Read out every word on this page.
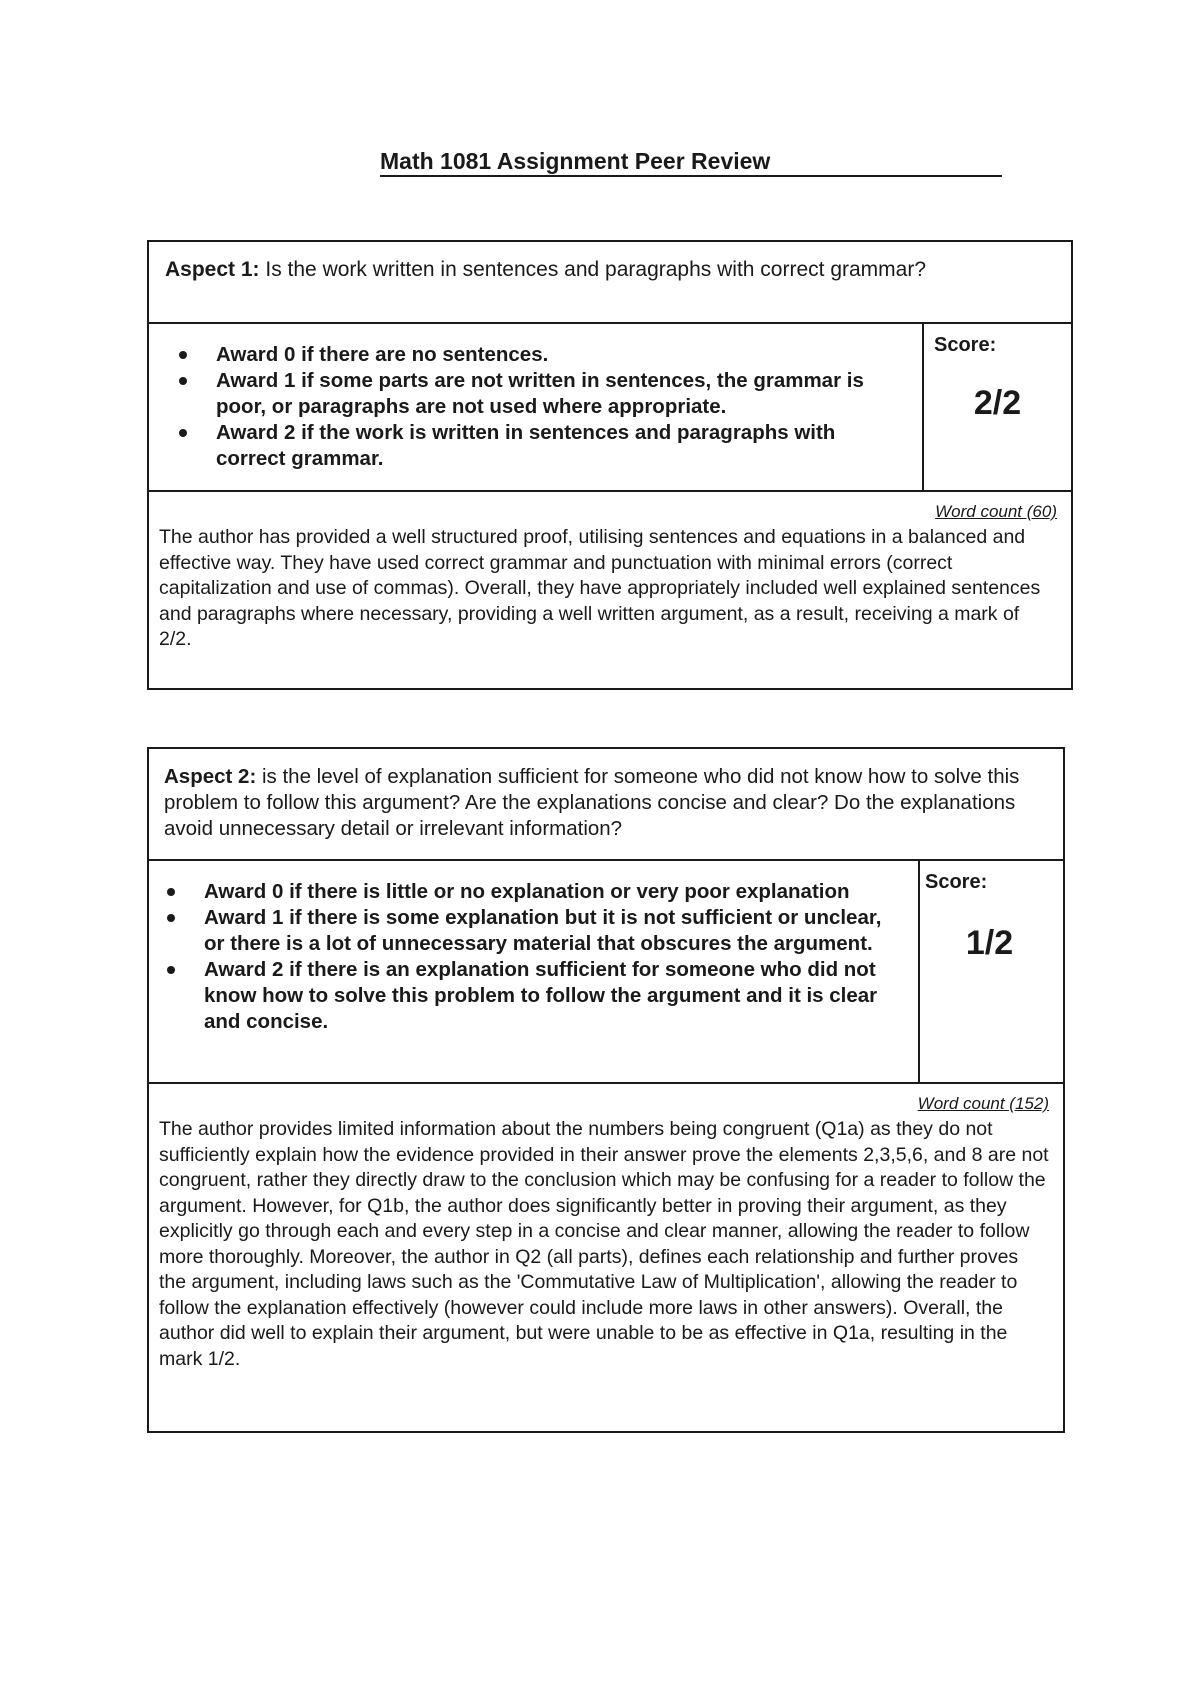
Math 1081 Assignment Peer Review
Aspect 1: Is the work written in sentences and paragraphs with correct grammar?
Award 0 if there are no sentences.
Award 1 if some parts are not written in sentences, the grammar is poor, or paragraphs are not used where appropriate.
Award 2 if the work is written in sentences and paragraphs with correct grammar.
Score:
2/2
Word count (60)
The author has provided a well structured proof, utilising sentences and equations in a balanced and effective way. They have used correct grammar and punctuation with minimal errors (correct capitalization and use of commas). Overall, they have appropriately included well explained sentences and paragraphs where necessary, providing a well written argument, as a result, receiving a mark of 2/2.
Aspect 2: is the level of explanation sufficient for someone who did not know how to solve this problem to follow this argument? Are the explanations concise and clear? Do the explanations avoid unnecessary detail or irrelevant information?
Award 0 if there is little or no explanation or very poor explanation
Award 1 if there is some explanation but it is not sufficient or unclear, or there is a lot of unnecessary material that obscures the argument.
Award 2 if there is an explanation sufficient for someone who did not know how to solve this problem to follow the argument and it is clear and concise.
Score:
1/2
Word count (152)
The author provides limited information about the numbers being congruent (Q1a) as they do not sufficiently explain how the evidence provided in their answer prove the elements 2,3,5,6, and 8 are not congruent, rather they directly draw to the conclusion which may be confusing for a reader to follow the argument. However, for Q1b, the author does significantly better in proving their argument, as they explicitly go through each and every step in a concise and clear manner, allowing the reader to follow more thoroughly. Moreover, the author in Q2 (all parts), defines each relationship and further proves the argument, including laws such as the 'Commutative Law of Multiplication', allowing the reader to follow the explanation effectively (however could include more laws in other answers). Overall, the author did well to explain their argument, but were unable to be as effective in Q1a, resulting in the mark 1/2.
